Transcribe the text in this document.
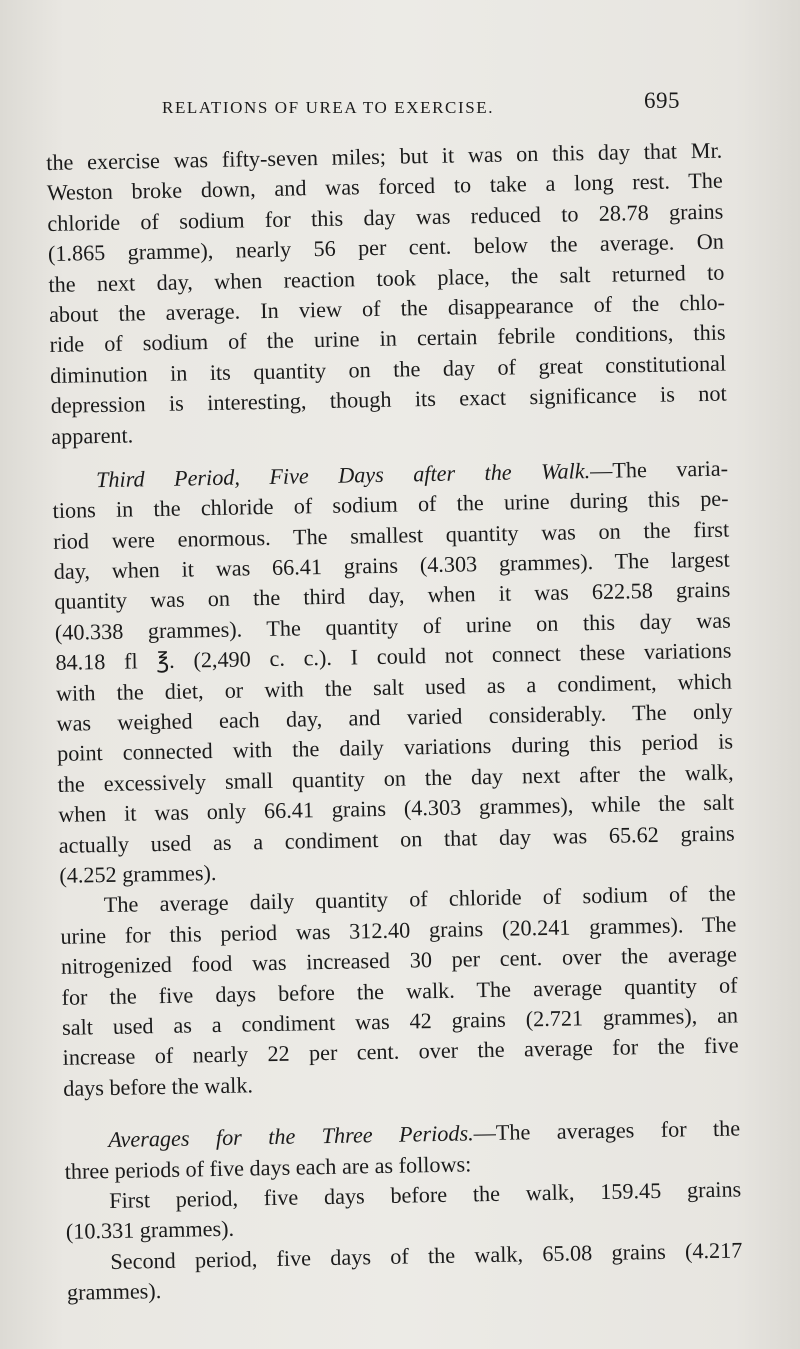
RELATIONS OF UREA TO EXERCISE.	695
the exercise was fifty-seven miles; but it was on this day that Mr.
Weston broke down, and was forced to take a long rest. The
chloride of sodium for this day was reduced to 28.78 grains
(1.865 gramme), nearly 56 per cent. below the average. On
the next day, when reaction took place, the salt returned to
about the average. In view of the disappearance of the chlo-
ride of sodium of the urine in certain febrile conditions, this
diminution in its quantity on the day of great constitutional
depression is interesting, though its exact significance is not
apparent.
Third Period, Five Days after the Walk.—The varia-
tions in the chloride of sodium of the urine during this pe-
riod were enormous. The smallest quantity was on the first
day, when it was 66.41 grains (4.303 grammes). The largest
quantity was on the third day, when it was 622.58 grains
(40.338 grammes). The quantity of urine on this day was
84.18 fl ℥. (2,490 c. c.). I could not connect these variations
with the diet, or with the salt used as a condiment, which
was weighed each day, and varied considerably. The only
point connected with the daily variations during this period is
the excessively small quantity on the day next after the walk,
when it was only 66.41 grains (4.303 grammes), while the salt
actually used as a condiment on that day was 65.62 grains
(4.252 grammes).
The average daily quantity of chloride of sodium of the
urine for this period was 312.40 grains (20.241 grammes). The
nitrogenized food was increased 30 per cent. over the average
for the five days before the walk. The average quantity of
salt used as a condiment was 42 grains (2.721 grammes), an
increase of nearly 22 per cent. over the average for the five
days before the walk.
Averages for the Three Periods.—The averages for the
three periods of five days each are as follows:
First period, five days before the walk, 159.45 grains
(10.331 grammes).
Second period, five days of the walk, 65.08 grains (4.217
grammes).
